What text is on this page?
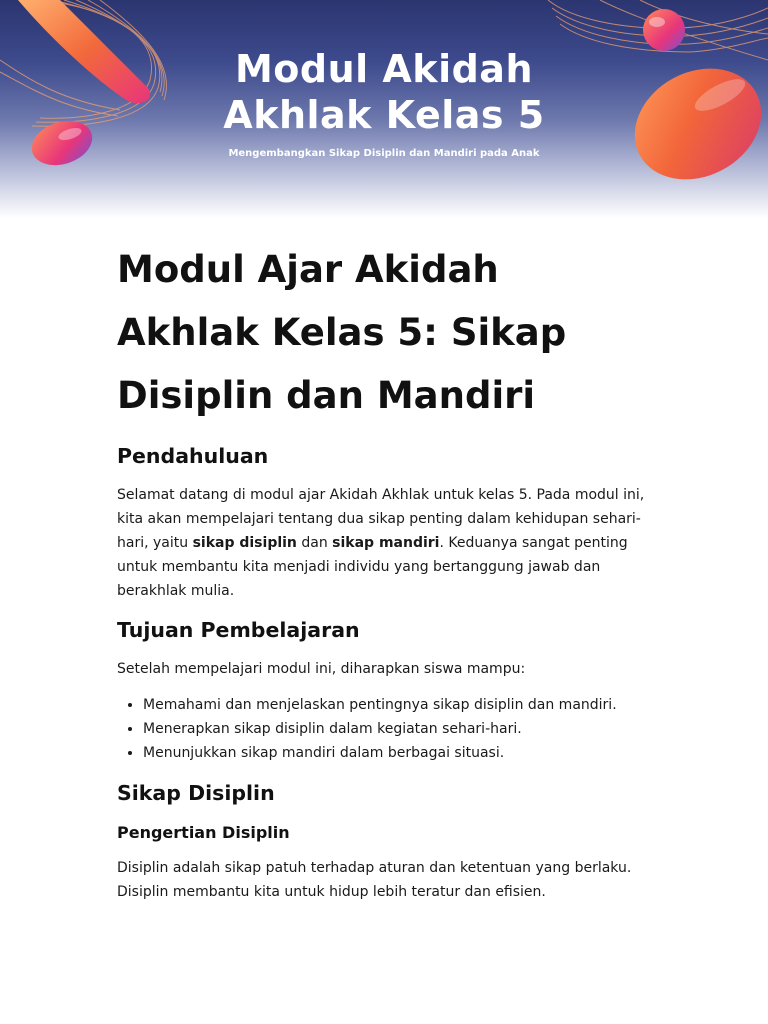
Modul Akidah
Akhlak Kelas 5
Mengembangkan Sikap Disiplin dan Mandiri pada Anak
Modul Ajar Akidah Akhlak Kelas 5: Sikap Disiplin dan Mandiri
Pendahuluan

Selamat datang di modul ajar Akidah Akhlak untuk kelas 5. Pada modul ini, kita akan mempelajari tentang dua sikap penting dalam kehidupan sehari-hari, yaitu sikap disiplin dan sikap mandiri. Keduanya sangat penting untuk membantu kita menjadi individu yang bertanggung jawab dan berakhlak mulia.

Tujuan Pembelajaran

Setelah mempelajari modul ini, diharapkan siswa mampu:

• Memahami dan menjelaskan pentingnya sikap disiplin dan mandiri.
• Menerapkan sikap disiplin dalam kegiatan sehari-hari.
• Menunjukkan sikap mandiri dalam berbagai situasi.
Sikap Disiplin
Pengertian Disiplin

Disiplin adalah sikap patuh terhadap aturan dan ketentuan yang berlaku. Disiplin membantu kita untuk hidup lebih teratur dan efisien.
